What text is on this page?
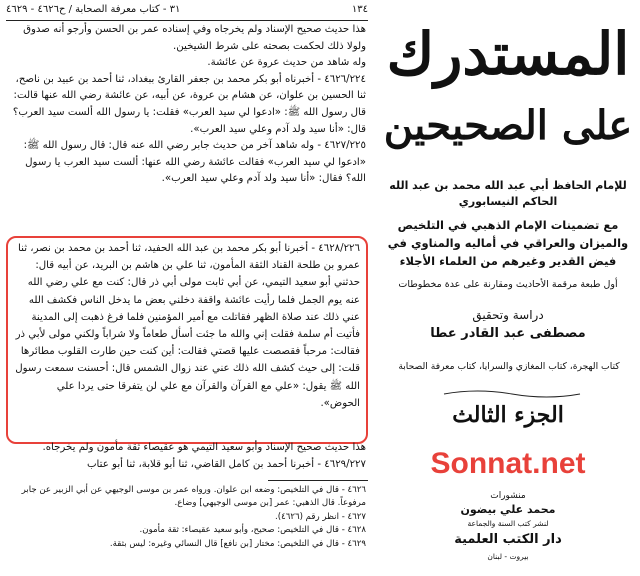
١٣٤
٣١ - كتاب معرفة الصحابة / ح٤٦٢٦ - ٤٦٢٩

هذا حديث صحيح الإسناد ولم يخرجاه وفي إسناده عمر بن الحسن وأرجو أنه صدوق ولولا ذلك لحكمت بصحته على شرط الشيخين.

وله شاهد من حديث عروة عن عائشة.

٤٦٢٦/٢٢٤ - أخبرناه أبو بكر محمد بن جعفر القارئ ببغداد، ثنا أحمد بن عبيد بن ناصح، ثنا الحسين بن علوان، عن هشام بن عروة، عن أبيه، عن عائشة رضي الله عنها قالت: قال رسول الله ﷺ: «ادعوا لي سيد العرب» فقلت: يا رسول الله ألست سيد العرب؟ قال: «أنا سيد ولد آدم وعلي سيد العرب».

٤٦٢٧/٢٢٥ - وله شاهد آخر من حديث جابر رضي الله عنه قال: قال رسول الله ﷺ: «ادعوا لي سيد العرب» فقالت عائشة رضي الله عنها: ألست سيد العرب يا رسول الله؟ فقال: «أنا سيد ولد آدم وعلي سيد العرب».

٤٦٢٨/٢٢٦ - أخبرنا أبو بكر محمد بن عبد الله الحفيد، ثنا أحمد بن محمد بن نصر، ثنا عمرو بن طلحة القناد الثقة المأمون، ثنا علي بن هاشم بن البريد، عن أبيه قال: حدثني أبو سعيد التيمي، عن أبي ثابت مولى أبي ذر قال: كنت مع علي رضي الله عنه يوم الجمل فلما رأيت عائشة واقفة دخلني بعض ما يدخل الناس فكشف الله عني ذلك عند صلاة الظهر فقاتلت مع أمير المؤمنين فلما فرغ ذهبت إلى المدينة فأتيت أم سلمة فقلت إني والله ما جئت أسأل طعاماً ولا شراباً ولكني مولى لأبي ذر فقالت: مرحباً فقصصت عليها قصتي فقالت: أين كنت حين طارت القلوب مطائرها قلت: إلى حيث كشف الله ذلك عني عند زوال الشمس قال: أحسنت سمعت رسول الله ﷺ يقول: «علي مع القرآن والقرآن مع علي لن يتفرقا حتى يردا علي الحوض».

هذا حديث صحيح الإسناد وأبو سعيد التيمي هو عقيصاء ثقة مأمون ولم يخرجاه.

٤٦٢٩/٢٢٧ - أخبرنا أحمد بن كامل القاضي، ثنا أبو قلابة، ثنا أبو عتاب

٤٦٢٦ - قال في التلخيص: وضعه ابن علوان. ورواه عمر بن موسى الوجيهي عن أبي الزبير عن جابر مرفوعاً. قال الذهبي: عمر [بن موسى الوجيهي] وضاع.

٤٦٢٧ - انظر رقم (٤٦٢٦).

٤٦٢٨ - قال في التلخيص: صحيح، وأبو سعيد عقيصاء: ثقة مأمون.

٤٦٢٩ - قال في التلخيص: مختار [بن نافع] قال النسائي وغيره: ليس بثقة.

المستدرك
على الصحيحين
للإمام الحافظ أبي عبد الله محمد بن عبد الله الحاكم النيسابوري
مع تضمينات الإمام الذهبي في التلخيص والميزان والعراقي في أماليه والمناوي في فيض القدير وغيرهم من العلماء الأجلاء
أول طبعة مرقمة الأحاديث ومقارنة على عدة مخطوطات
دراسة وتحقيق
مصطفى عبد القادر عطا
كتاب الهجرة، كتاب المغازي والسرايا، كتاب معرفة الصحابة
الجزء الثالث
Sonnat.net
منشورات
محمد علي بيضون
لنشر كتب السنة والجماعة
دار الكتب العلمية
بيروت - لبنان
